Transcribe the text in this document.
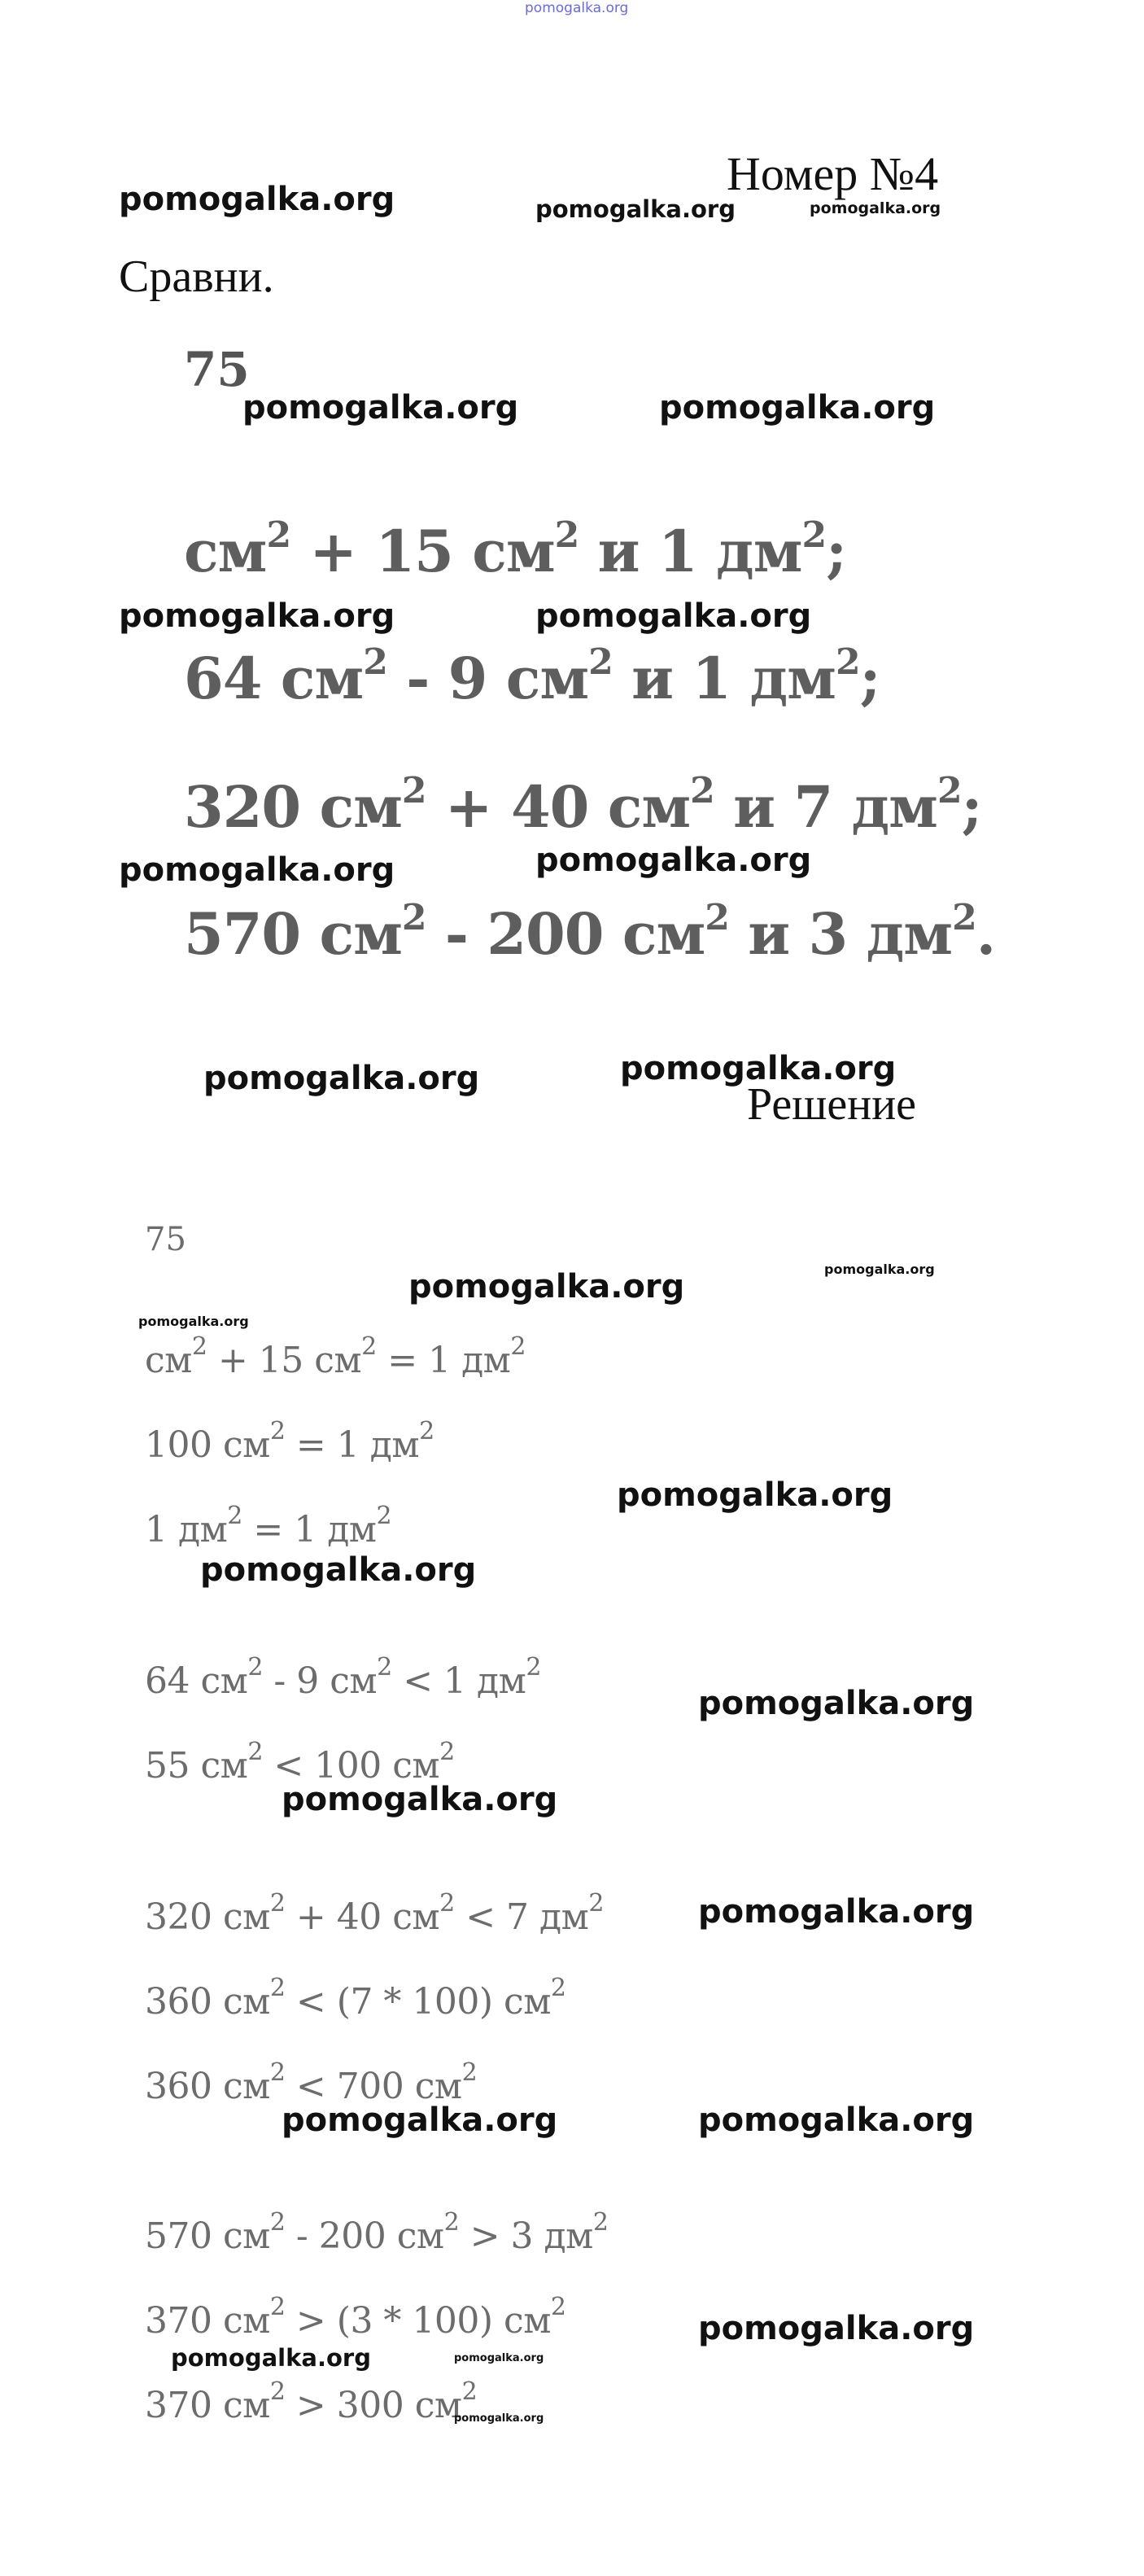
pomogalka.org
Номер №4
Сравни.
75
$см^2 + 15$ $см^2$ и 1 $дм^2$;
64 $см^2 - 9$ $см^2$ и 1 $дм^2$;
320 $см^2 + 40$ $см^2$ и 7 $дм^2$;
570 $см^2 - 200$ $см^2$ и 3 $дм^2$.
Решение
75
$см^2 + 15$ $см^2 = 1$ $дм^2$
100 $см^2 = 1$ $дм^2$
1 $дм^2 = 1$ $дм^2$
64 $см^2 - 9$ $см^2 < 1$ $дм^2$
55 $см^2 < 100$ $см^2$
320 $см^2 + 40$ $см^2 < 7$ $дм^2$
360 $см^2 < (7 * 100)$ $см^2$
360 $см^2 < 700$ $см^2$
570 $см^2 - 200$ $см^2 > 3$ $дм^2$
370 $см^2 > (3 * 100)$ $см^2$
370 $см^2 > 300$ $см^2$
pomogalka.org	pomogalka.org	pomogalka.org
pomogalka.org	pomogalka.org
pomogalka.org	pomogalka.org
pomogalka.org	pomogalka.org
pomogalka.org	pomogalka.org
pomogalka.org	pomogalka.org
pomogalka.org
pomogalka.org
pomogalka.org
pomogalka.org
pomogalka.org
pomogalka.org
pomogalka.org	pomogalka.org
pomogalka.org
pomogalka.org	pomogalka.org
pomogalka.org
